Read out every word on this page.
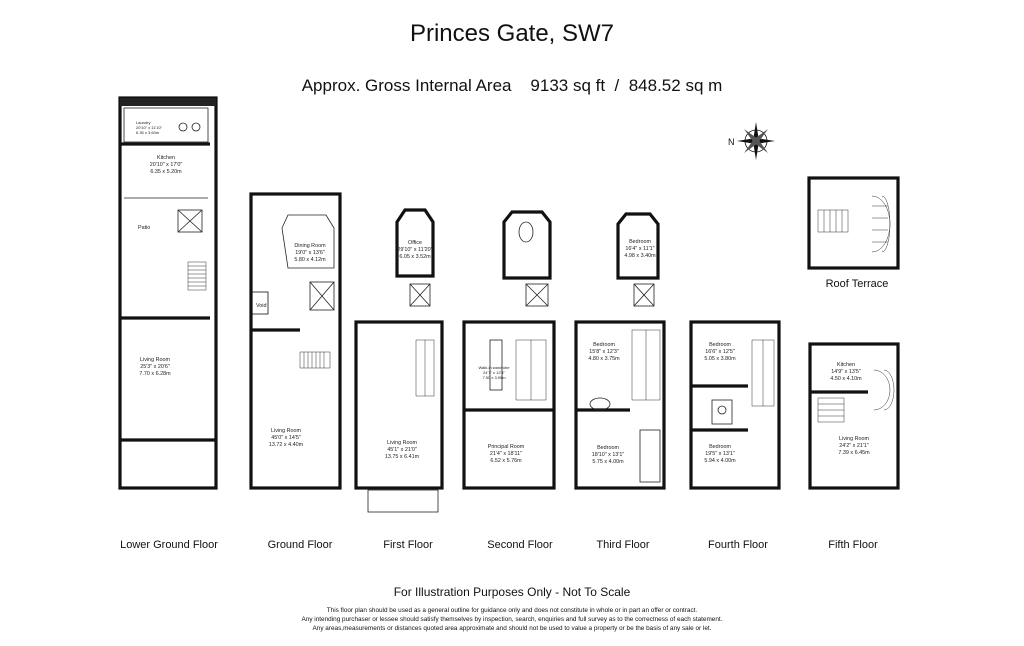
Princes Gate, SW7
Approx. Gross Internal Area 9133 sq ft / 848.52 sq m
N
Laundry
20'10" x 11'10"
6.35 x 3.60m
Kitchen
20'10" x 17'0"
6.35 x 5.20m
Patio
Living Room
25'3" x 20'6"
7.70 x 6.28m
Dining Room
19'0" x 13'6"
5.80 x 4.12m
Void
Living Room
45'0" x 14'5"
13.72 x 4.40m
Office
29'10" x 11'20"
6.05 x 3.52m
Living Room
45'1" x 21'0"
13.75 x 6.41m
Walk-in wardrobe
24'7" x 12'4"
7.50 x 3.95m
Principal Room
21'4" x 18'11"
6.52 x 5.76m
Bedroom
16'4" x 11'1"
4.98 x 3.40m
Bedroom
15'8" x 12'3"
4.80 x 3.75m
Bedroom
18'10" x 13'1"
5.75 x 4.00m
Bedroom
16'6" x 12'5"
5.05 x 3.80m
Bedroom
19'5" x 13'1"
5.94 x 4.00m
Kitchen
14'9" x 13'5"
4.50 x 4.10m
Living Room
24'2" x 21'1"
7.39 x 6.45m
Roof Terrace
Lower Ground Floor	Ground Floor	First Floor	Second Floor	Third Floor	Fourth Floor	Fifth Floor
For Illustration Purposes Only - Not To Scale
This floor plan should be used as a general outline for guidance only and does not constitute in whole or in part an offer or contract.
Any intending purchaser or lessee should satisfy themselves by inspection, search, enquiries and full survey as to the correctness of each statement.
Any areas,measurements or distances quoted area approximate and should not be used to value a property or be the basis of any sale or let.
